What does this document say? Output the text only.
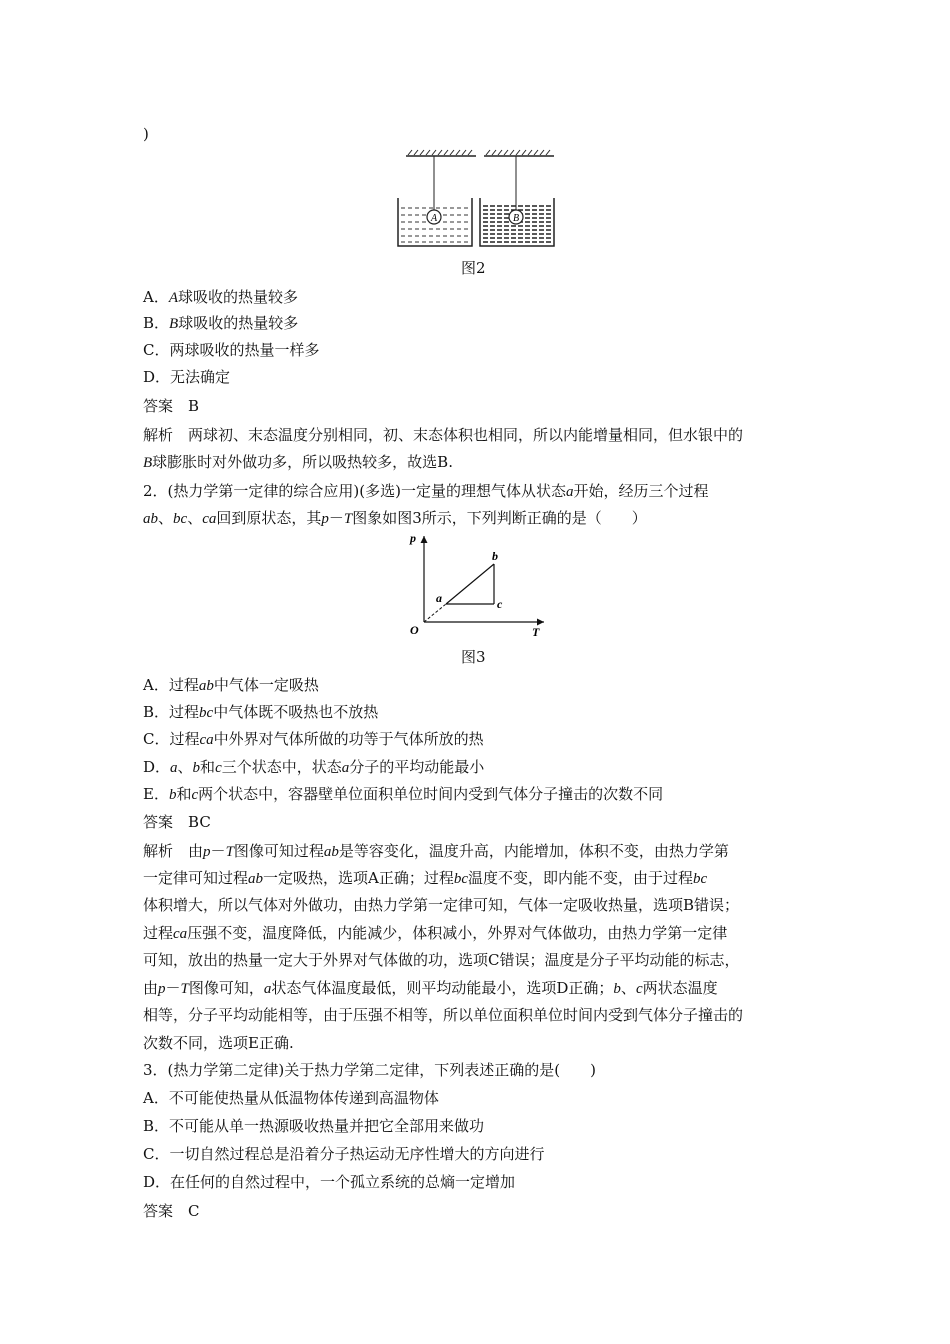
)
A	B
图2
A．A球吸收的热量较多
B．B球吸收的热量较多
C．两球吸收的热量一样多
D．无法确定
答案　 B
解析　 两球初、末态温度分别相同，初、末态体积也相同，所以内能增量相同，但水银中的
B球膨胀时对外做功多，所以吸热较多，故选B.
2．(热力学第一定律的综合应用)(多选)一定量的理想气体从状态a开始，经历三个过程
ab、bc、ca回到原状态，其p－T图象如图3所示，下列判断正确的是（　　）
p
T
O
a
b
c
图3
A．过程ab中气体一定吸热
B．过程bc中气体既不吸热也不放热
C．过程ca中外界对气体所做的功等于气体所放的热
D．a、b和c三个状态中，状态a分子的平均动能最小
E．b和c两个状态中，容器壁单位面积单位时间内受到气体分子撞击的次数不同
答案　 BC
解析　 由p－T图像可知过程ab是等容变化，温度升高，内能增加，体积不变，由热力学第
一定律可知过程ab一定吸热，选项A正确；过程bc温度不变，即内能不变，由于过程bc
体积增大，所以气体对外做功，由热力学第一定律可知，气体一定吸收热量，选项B错误；
过程ca压强不变，温度降低，内能减少，体积减小，外界对气体做功，由热力学第一定律
可知，放出的热量一定大于外界对气体做的功，选项C错误；温度是分子平均动能的标志，
由p－T图像可知，a状态气体温度最低，则平均动能最小，选项D正确；b、c两状态温度
相等，分子平均动能相等，由于压强不相等，所以单位面积单位时间内受到气体分子撞击的
次数不同，选项E正确.
3．(热力学第二定律)关于热力学第二定律，下列表述正确的是(　　)
A．不可能使热量从低温物体传递到高温物体
B．不可能从单一热源吸收热量并把它全部用来做功
C．一切自然过程总是沿着分子热运动无序性增大的方向进行
D．在任何的自然过程中，一个孤立系统的总熵一定增加
答案　 C
